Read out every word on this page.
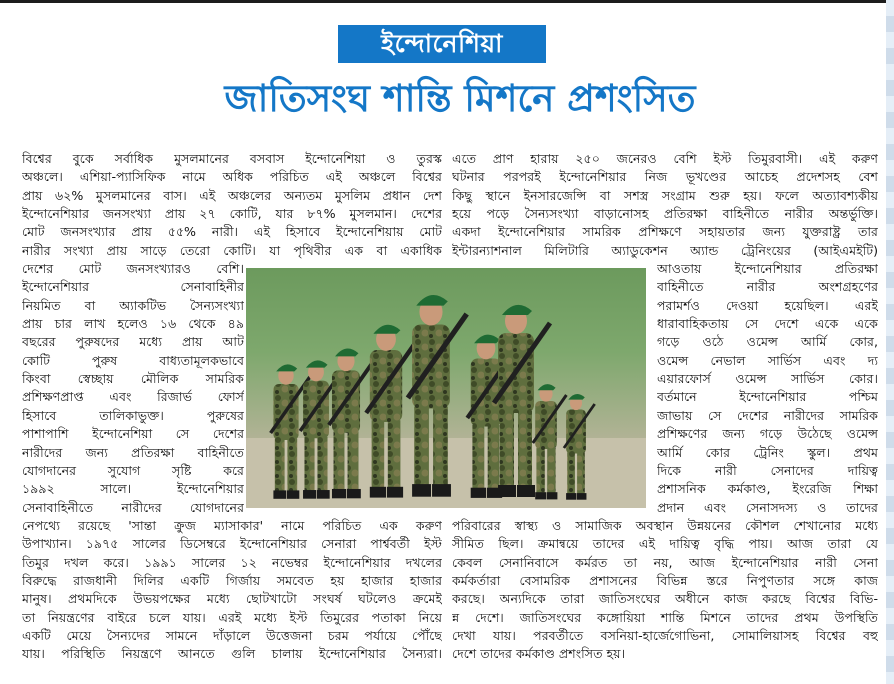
ইন্দোনেশিয়া
জাতিসংঘ শান্তি মিশনে প্রশংসিত
বিশ্বের বুকে সর্বাধিক মুসলমানের বসবাস ইন্দোনেশিয়া ও তুরস্ক
অঞ্চলে। এশিয়া-প্যাসিফিক নামে অধিক পরিচিত এই অঞ্চলে বিশ্বের
প্রায় ৬২% মুসলমানের বাস। এই অঞ্চলের অন্যতম মুসলিম প্রধান দেশ
ইন্দোনেশিয়ার জনসংখ্যা প্রায় ২৭ কোটি, যার ৮৭% মুসলমান। দেশের
মোট জনসংখ্যার প্রায় ৫৫% নারী। এই হিসাবে ইন্দোনেশিয়ায় মোট
নারীর সংখ্যা প্রায় সাড়ে তেরো কোটি। যা পৃথিবীর এক বা একাধিক
দেশের মোট জনসংখ্যারও বেশি।
ইন্দোনেশিয়ার সেনাবাহিনীর
নিয়মিত বা অ্যাকটিভ সৈন্যসংখ্যা
প্রায় চার লাখ হলেও ১৬ থেকে ৪৯
বছরের পুরুষদের মধ্যে প্রায় আট
কোটি পুরুষ বাধ্যতামূলকভাবে
কিংবা স্বেচ্ছায় মৌলিক সামরিক
প্রশিক্ষণপ্রাপ্ত এবং রিজার্ভ ফোর্স
হিসাবে তালিকাভুক্ত। পুরুষের
পাশাপাশি ইন্দোনেশিয়া সে দেশের
নারীদের জন্য প্রতিরক্ষা বাহিনীতে
যোগদানের সুযোগ সৃষ্টি করে
১৯৯২ সালে। ইন্দোনেশিয়ার
সেনাবাহিনীতে নারীদের যোগদানের
নেপথ্যে রয়েছে 'সান্তা ক্রুজ ম্যাসাকার' নামে পরিচিত এক করুণ
উপাখ্যান। ১৯৭৫ সালের ডিসেম্বরে ইন্দোনেশিয়ার সেনারা পার্শ্ববর্তী ইস্ট
তিমুর দখল করে। ১৯৯১ সালের ১২ নভেম্বর ইন্দোনেশিয়ার দখলের
বিরুদ্ধে রাজধানী দিলির একটি গির্জায় সমবেত হয় হাজার হাজার
মানুষ। প্রথমদিকে উভয়পক্ষের মধ্যে ছোটখাটো সংঘর্ষ ঘটলেও ক্রমেই
তা নিয়ন্ত্রণের বাইরে চলে যায়। এরই মধ্যে ইস্ট তিমুরের পতাকা নিয়ে
একটি মেয়ে সৈন্যদের সামনে দাঁড়ালে উত্তেজনা চরম পর্যায়ে পৌঁছে
যায়। পরিস্থিতি নিয়ন্ত্রণে আনতে গুলি চালায় ইন্দোনেশিয়ার সৈন্যরা।
এতে প্রাণ হারায় ২৫০ জনেরও বেশি ইস্ট তিমুরবাসী। এই করুণ
ঘটনার পরপরই ইন্দোনেশিয়ার নিজ ভূখণ্ডের আচেহ প্রদেশসহ বেশ
কিছু স্থানে ইনসারজেন্সি বা সশস্ত্র সংগ্রাম শুরু হয়। ফলে অত্যাবশ্যকীয়
হয়ে পড়ে সৈন্যসংখ্যা বাড়ানোসহ প্রতিরক্ষা বাহিনীতে নারীর অন্তর্ভুক্তি।
একদা ইন্দোনেশিয়ার সামরিক প্রশিক্ষণে সহায়তার জন্য যুক্তরাষ্ট্র তার
ইন্টারন্যাশনাল মিলিটারি অ্যাডুকেশন অ্যান্ড ট্রেনিংয়ের (আইএমইটি)
আওতায় ইন্দোনেশিয়ার প্রতিরক্ষা
বাহিনীতে নারীর অংশগ্রহণের
পরামর্শও দেওয়া হয়েছিল। এরই
ধারাবাহিকতায় সে দেশে একে একে
গড়ে ওঠে ওমেন্স আর্মি কোর,
ওমেন্স নেভাল সার্ভিস এবং দ্য
এয়ারফোর্স ওমেন্স সার্ভিস কোর।
বর্তমানে ইন্দোনেশিয়ার পশ্চিম
জাভায় সে দেশের নারীদের সামরিক
প্রশিক্ষণের জন্য গড়ে উঠেছে ওমেন্স
আর্মি কোর ট্রেনিং স্কুল। প্রথম
দিকে নারী সেনাদের দায়িত্ব
প্রশাসনিক কর্মকাণ্ড, ইংরেজি শিক্ষা
প্রদান এবং সেনাসদস্য ও তাদের
পরিবারের স্বাস্থ্য ও সামাজিক অবস্থান উন্নয়নের কৌশল শেখানোর মধ্যে
সীমিত ছিল। ক্রমান্বয়ে তাদের এই দায়িত্ব বৃদ্ধি পায়। আজ তারা যে
কেবল সেনানিবাসে কর্মরত তা নয়, আজ ইন্দোনেশিয়ার নারী সেনা
কর্মকর্তারা বেসামরিক প্রশাসনের বিভিন্ন স্তরে নিপুণতার সঙ্গে কাজ
করছে। অন্যদিকে তারা জাতিসংঘের অধীনে কাজ করছে বিশ্বের বিভি-
ন্ন দেশে। জাতিসংঘের কঙ্গোয়িয়া শান্তি মিশনে তাদের প্রথম উপস্থিতি
দেখা যায়। পরবর্তীতে বসনিয়া-হার্জেগোভিনা, সোমালিয়াসহ বিশ্বের বহু
দেশে তাদের কর্মকাণ্ড প্রশংসিত হয়।
